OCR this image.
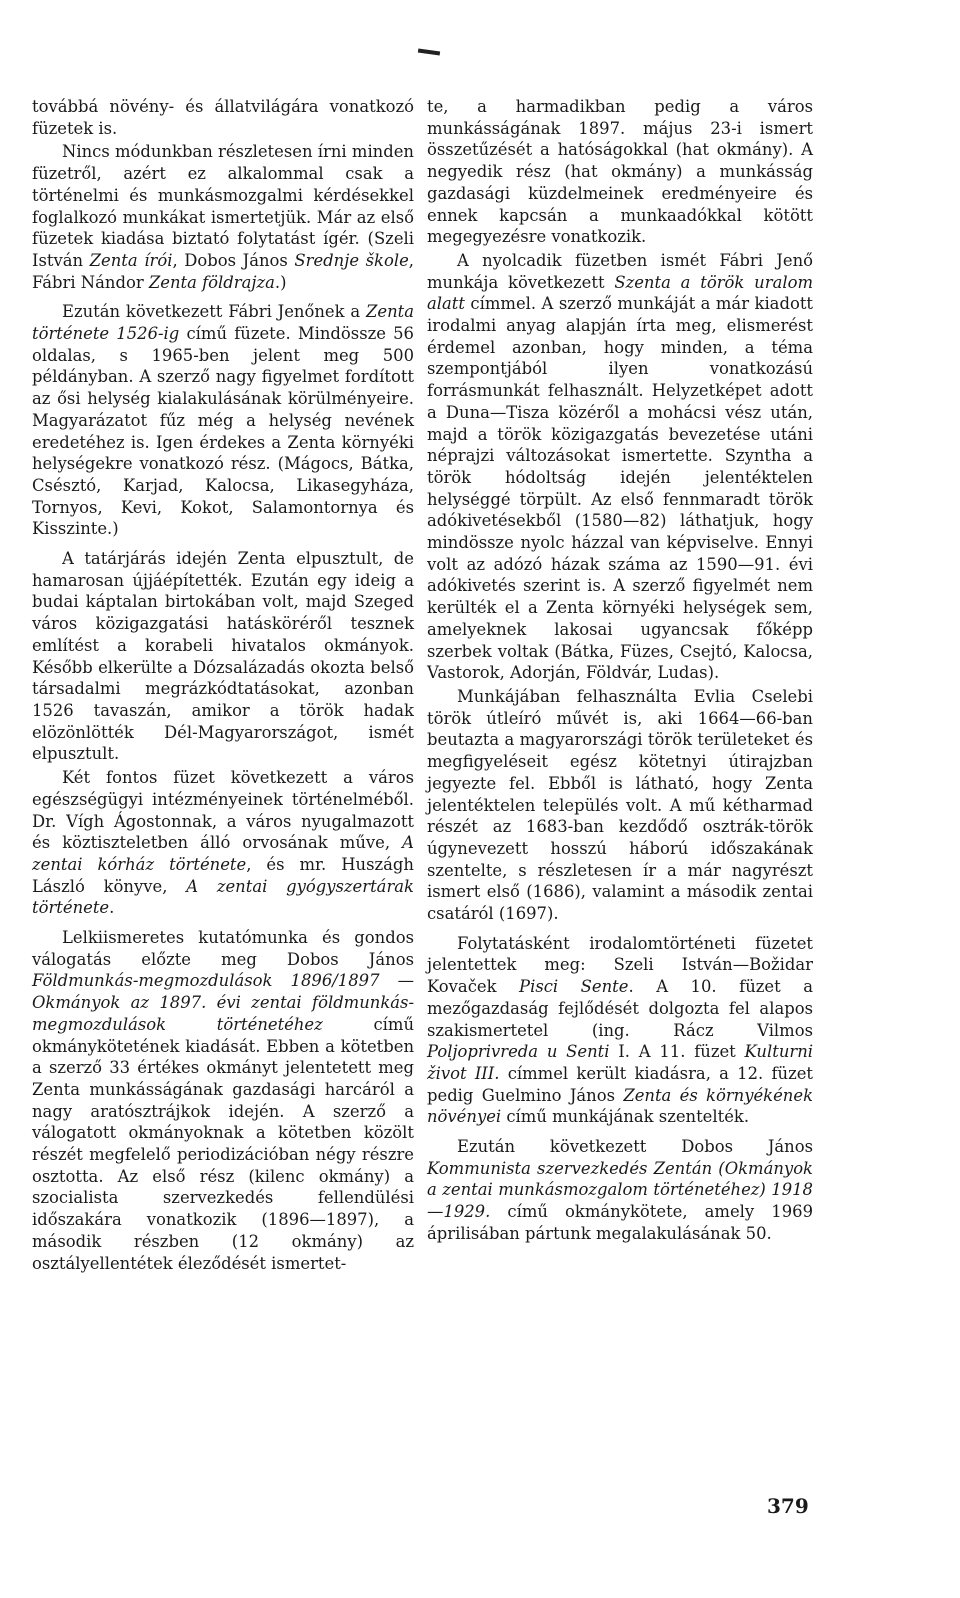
továbbá növény- és állatvilágára vonatkozó füzetek is.

Nincs módunkban részletesen írni minden füzetről, azért ez alkalommal csak a történelmi és munkásmozgalmi kérdésekkel foglalkozó munkákat ismertetjük. Már az első füzetek kiadása biztató folytatást ígér. (Szeli István Zenta írói, Dobos János Srednje škole, Fábri Nándor Zenta földrajza.)

Ezután következett Fábri Jenőnek a Zenta története 1526-ig című füzete. Mindössze 56 oldalas, s 1965-ben jelent meg 500 példányban. A szerző nagy figyelmet fordított az ősi helység kialakulásának körülményeire. Magyarázatot fűz még a helység nevének eredetéhez is. Igen érdekes a Zenta környéki helységekre vonatkozó rész. (Mágocs, Bátka, Csésztó, Karjad, Kalocsa, Likasegyháza, Tornyos, Kevi, Kokot, Salamontornya és Kisszinte.)

A tatárjárás idején Zenta elpusztult, de hamarosan újjáépítették. Ezután egy ideig a budai káptalan birtokában volt, majd Szeged város közigazgatási hatásköréről tesznek említést a korabeli hivatalos okmányok. Később elkerülte a Dózsalázadás okozta belső társadalmi megrázkódtatásokat, azonban 1526 tavaszán, amikor a török hadak elözönlötték Dél-Magyarországot, ismét elpusztult.

Két fontos füzet következett a város egészségügyi intézményeinek történelméből. Dr. Vígh Ágostonnak, a város nyugalmazott és köztiszteletben álló orvosának műve, A zentai kórház története, és mr. Huszágh László könyve, A zentai gyógyszertárak története.

Lelkiismeretes kutatómunka és gondos válogatás előzte meg Dobos János Földmunkás-megmozdulások 1896/1897 — Okmányok az 1897. évi zentai földmunkás-megmozdulások történetéhez című okmánykötetének kiadását. Ebben a kötetben a szerző 33 értékes okmányt jelentetett meg Zenta munkásságának gazdasági harcáról a nagy aratósztrájkok idején. A szerző a válogatott okmányoknak a kötetben közölt részét megfelelő periodizációban négy részre osztotta. Az első rész (kilenc okmány) a szocialista szervezkedés fellendülési időszakára vonatkozik (1896—1897), a második részben (12 okmány) az osztályellentétek éleződését ismertet-

te, a harmadikban pedig a város munkásságának 1897. május 23-i ismert összetűzését a hatóságokkal (hat okmány). A negyedik rész (hat okmány) a munkásság gazdasági küzdelmeinek eredményeire és ennek kapcsán a munkaadókkal kötött megegyezésre vonatkozik.

A nyolcadik füzetben ismét Fábri Jenő munkája következett Szenta a török uralom alatt címmel. A szerző munkáját a már kiadott irodalmi anyag alapján írta meg, elismerést érdemel azonban, hogy minden, a téma szempontjából ilyen vonatkozású forrásmunkát felhasznált. Helyzetképet adott a Duna—Tisza közéről a mohácsi vész után, majd a török közigazgatás bevezetése utáni néprajzi változásokat ismertette. Szyntha a török hódoltság idején jelentéktelen helységgé törpült. Az első fennmaradt török adókivetésekből (1580—82) láthatjuk, hogy mindössze nyolc házzal van képviselve. Ennyi volt az adózó házak száma az 1590—91. évi adókivetés szerint is. A szerző figyelmét nem kerülték el a Zenta környéki helységek sem, amelyeknek lakosai ugyancsak főképp szerbek voltak (Bátka, Füzes, Csejtó, Kalocsa, Vastorok, Adorján, Földvár, Ludas).

Munkájában felhasználta Evlia Cselebi török útleíró művét is, aki 1664—66-ban beutazta a magyarországi török területeket és megfigyeléseit egész kötetnyi útirajzban jegyezte fel. Ebből is látható, hogy Zenta jelentéktelen település volt. A mű kétharmad részét az 1683-ban kezdődő osztrák-török úgynevezett hosszú háború időszakának szentelte, s részletesen ír a már nagyrészt ismert első (1686), valamint a második zentai csatáról (1697).

Folytatásként irodalomtörténeti füzetet jelentettek meg: Szeli István—Božidar Kovaček Pisci Sente. A 10. füzet a mezőgazdaság fejlődését dolgozta fel alapos szakismertetel (ing. Rácz Vilmos Poljoprivreda u Senti I. A 11. füzet Kulturni život III. címmel került kiadásra, a 12. füzet pedig Guelmino János Zenta és környékének növényei című munkájának szentelték.

Ezután következett Dobos János Kommunista szervezkedés Zentán (Okmányok a zentai munkásmozgalom történetéhez) 1918—1929. című okmánykötete, amely 1969 áprilisában pártunk megalakulásának 50.

379
